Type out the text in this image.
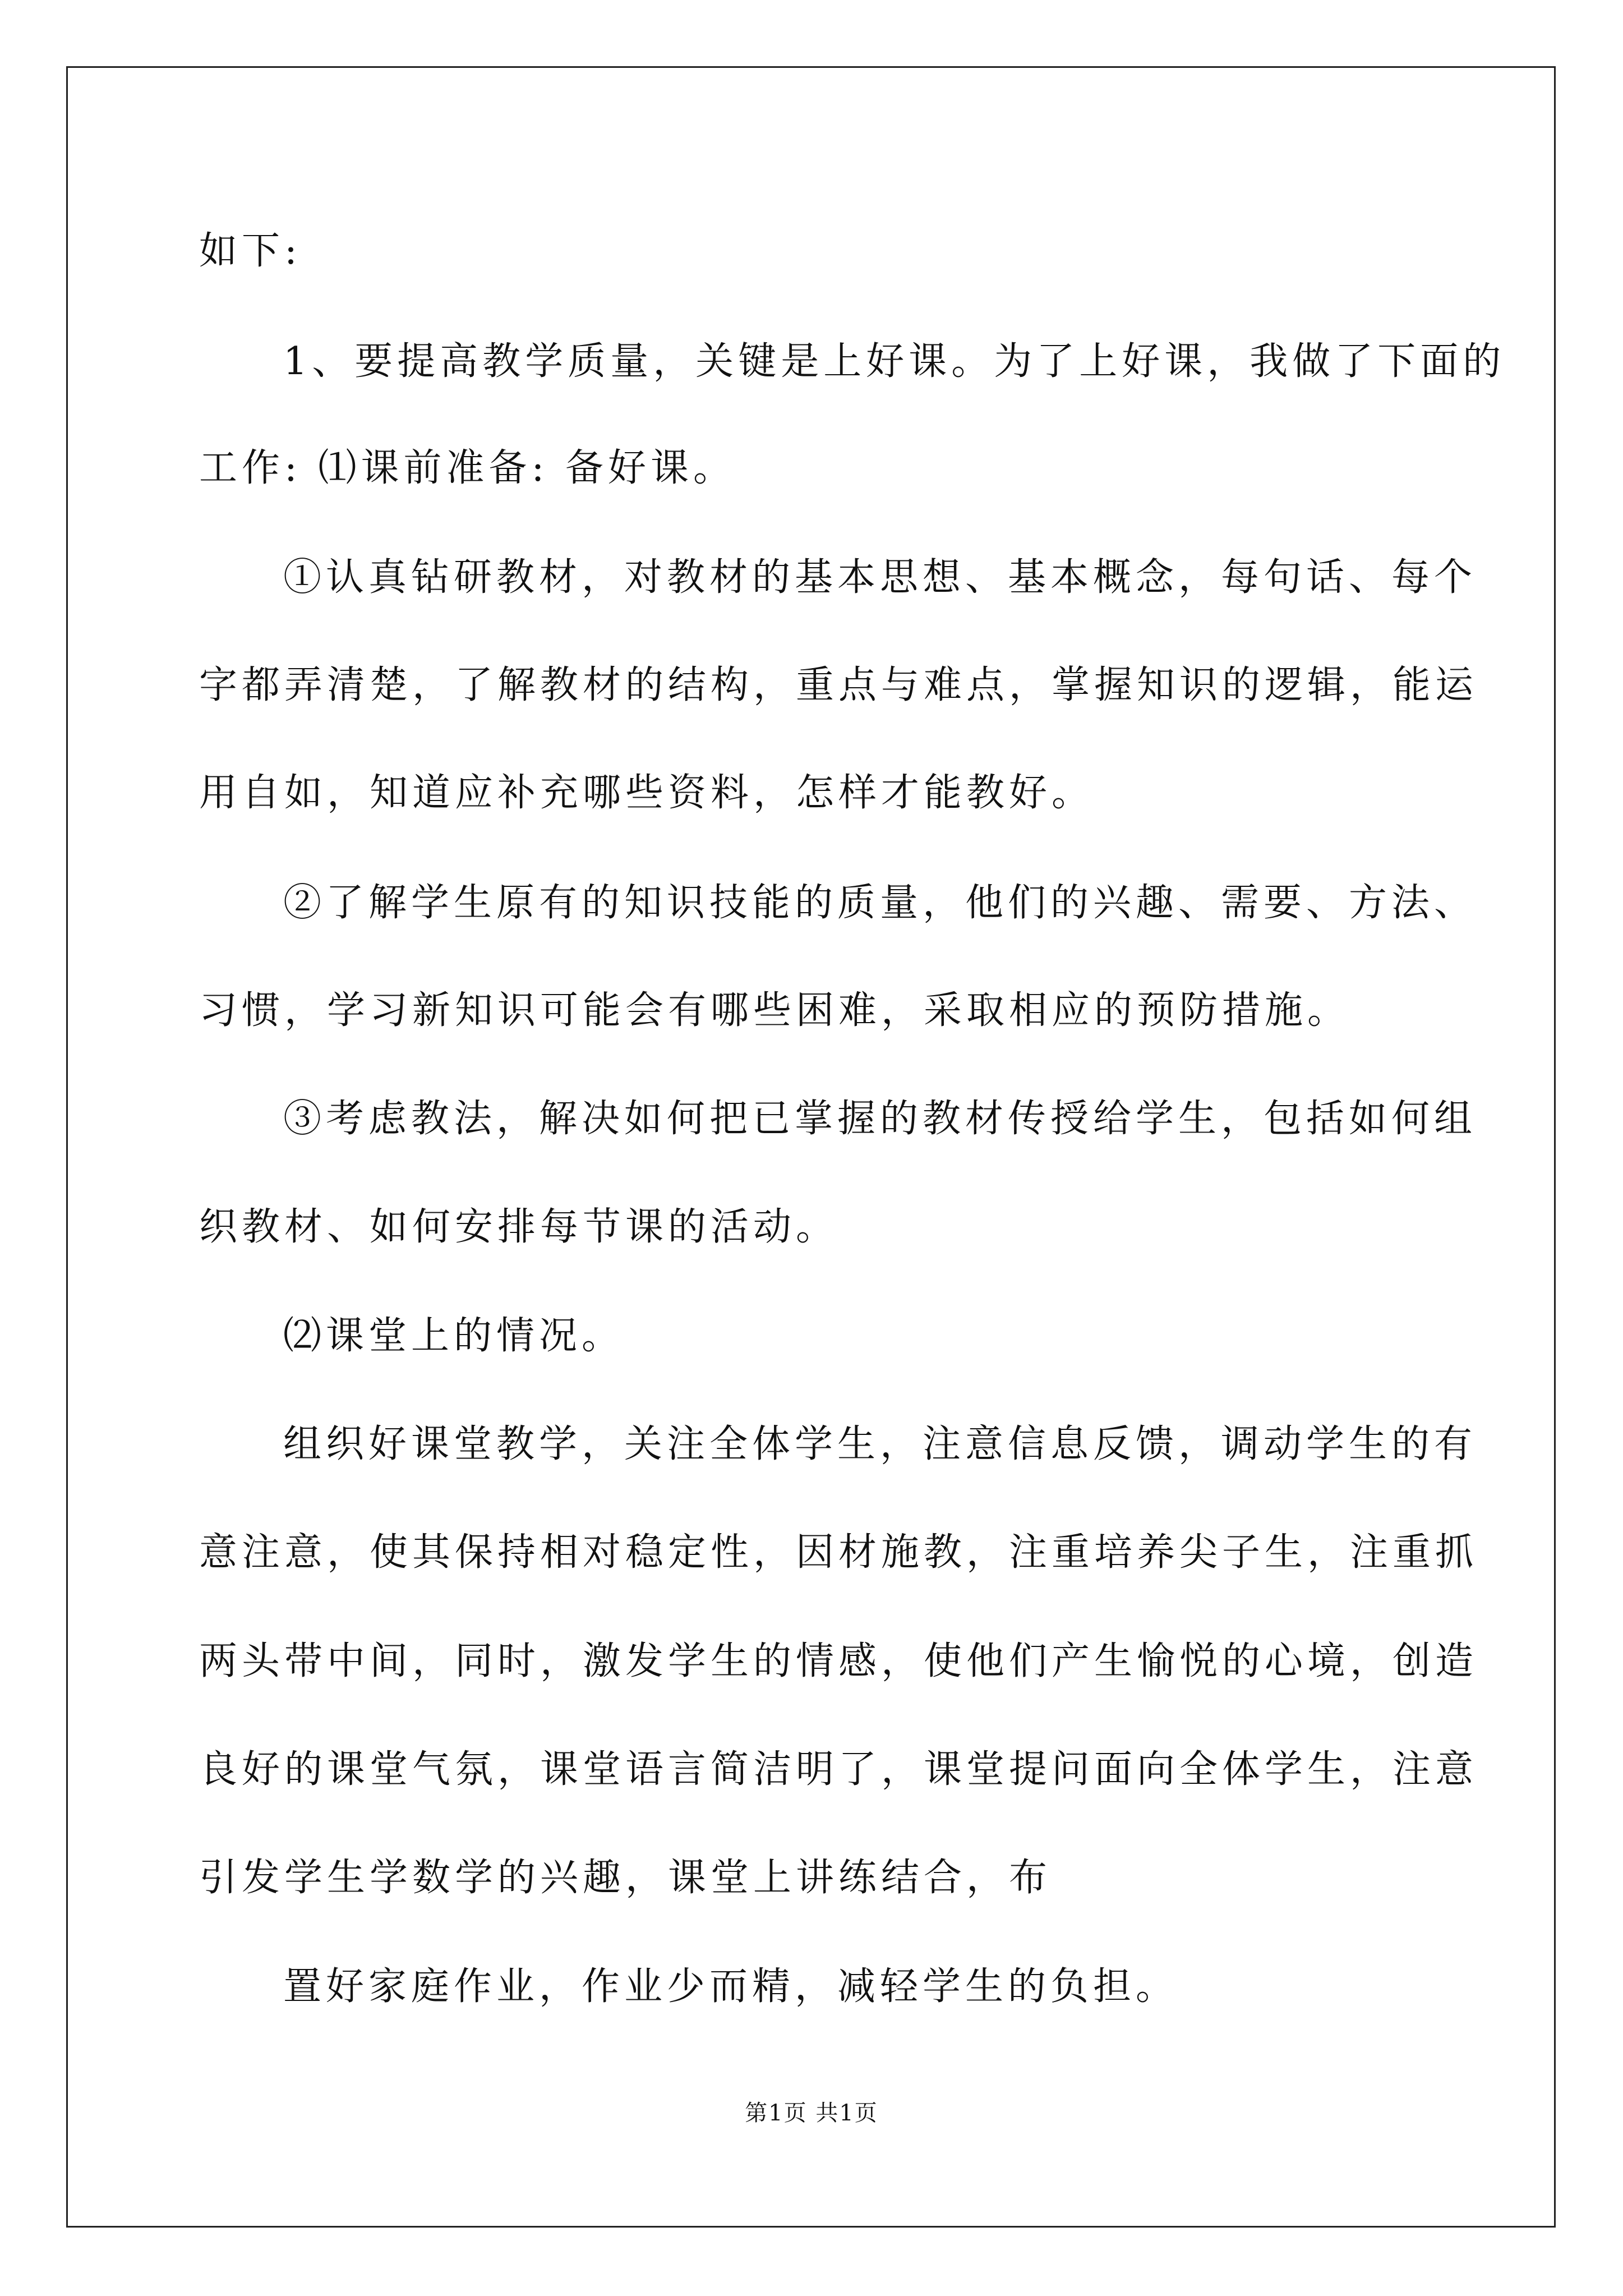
如下:
1、要提高教学质量，关键是上好课。为了上好课，我做了下面的
工作: ⑴课前准备: 备好课。
①认真钻研教材，对教材的基本思想、基本概念，每句话、每个
字都弄清楚，了解教材的结构，重点与难点，掌握知识的逻辑，能运
用自如，知道应补充哪些资料，怎样才能教好。
②了解学生原有的知识技能的质量，他们的兴趣、需要、方法、
习惯，学习新知识可能会有哪些困难，采取相应的预防措施。
③考虑教法，解决如何把已掌握的教材传授给学生，包括如何组
织教材、如何安排每节课的活动。
⑵课堂上的情况。
组织好课堂教学，关注全体学生，注意信息反馈，调动学生的有
意注意，使其保持相对稳定性，因材施教，注重培养尖子生，注重抓
两头带中间，同时，激发学生的情感，使他们产生愉悦的心境，创造
良好的课堂气氛，课堂语言简洁明了，课堂提问面向全体学生，注意
引发学生学数学的兴趣，课堂上讲练结合，布
置好家庭作业，作业少而精，减轻学生的负担。
第1页 共1页
